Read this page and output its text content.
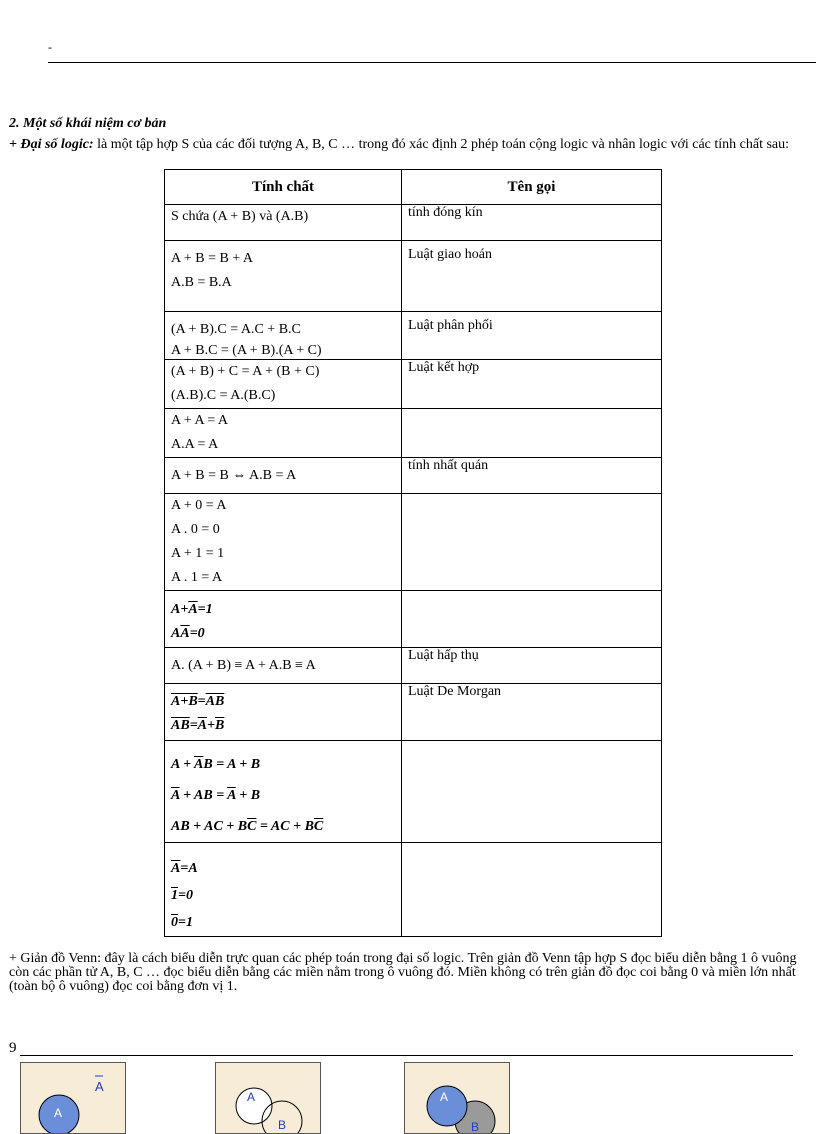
-
2. Một số khái niệm cơ bản
+ Đại số logic: là một tập hợp S của các đối tượng A, B, C … trong đó xác định 2 phép toán cộng logic và nhân logic với các tính chất sau:
Tính chất	Tên gọi

S chứa (A + B) và (A.B)	tính đóng kín

A + B = B + A
A.B = B.A	Luật giao hoán

(A + B).C = A.C + B.C
A + B.C = (A + B).(A + C)	Luật phân phối

(A + B) + C = A + (B + C)
(A.B).C = A.(B.C)	Luật kết hợp

A + A = A
A.A = A	

A + B = B ⇔ A.B = A	tính nhất quán

A + 0 = A
A . 0 = 0
A + 1 = 1
A . 1 = A	

$A+\overline{A}=1$
$A\overline{A}=0$	

A. (A + B) ≡ A + A.B ≡ A	Luật hấp thụ

$A+B=\overline{A}\overline{B}$
$\overline{AB}=\overline{A}+\overline{B}$	Luật De Morgan

$A + \overline{A}B = A + B$
$\overline{A}$ + AB = $\overline{A} + B$
AB + AC + $B\overline{C}$ = AC + $B\overline{C}$

A=A
1=0
0=1	

+ Giản đồ Venn: đây là cách biểu diễn trực quan các phép toán trong đại số logic. Trên giản đồ Venn tập hợp S đọc biểu diễn bằng 1 ô vuông còn các phần tử A, B, C … đọc biểu diễn bằng các miền nằm trong ô vuông đó. Miền không có trên giản đồ đọc coi bằng 0 và miền lớn nhất (toàn bộ ô vuông) đọc coi bằng đơn vị 1.
9
A
A
A
B
A
B
